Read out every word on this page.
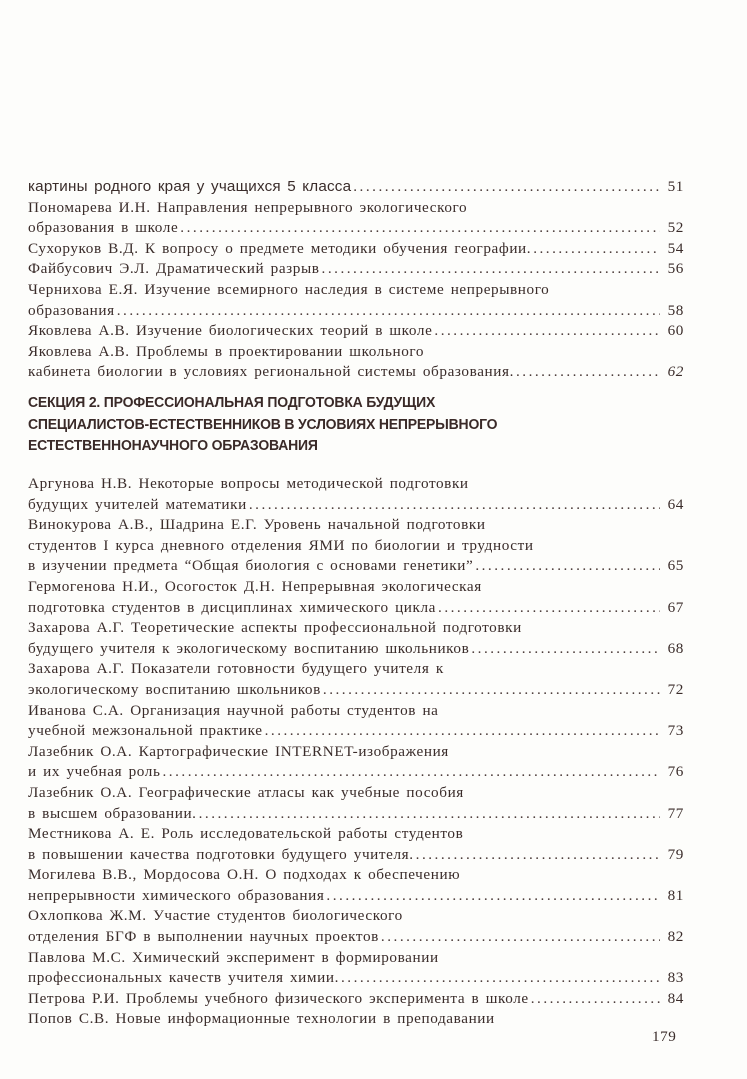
картины родного края у учащихся 5 класса .....	51
Пономарева И.Н. Направления непрерывного экологического
образования в школе .....	52
Сухоруков В.Д. К вопросу о предмете методики обучения географии. .....	54
Файбусович Э.Л. Драматический разрыв .....	56
Чернихова Е.Я. Изучение всемирного наследия в системе непрерывного
образования .....	58
Яковлева А.В. Изучение биологических теорий в школе .....	60
Яковлева А.В. Проблемы в проектировании школьного
кабинета биологии в условиях региональной системы образования. .....	62
СЕКЦИЯ 2. ПРОФЕССИОНАЛЬНАЯ ПОДГОТОВКА БУДУЩИХ
СПЕЦИАЛИСТОВ-ЕСТЕСТВЕННИКОВ В УСЛОВИЯХ НЕПРЕРЫВНОГО
ЕСТЕСТВЕННОНАУЧНОГО ОБРАЗОВАНИЯ
Аргунова Н.В. Некоторые вопросы методической подготовки
будущих учителей математики .....	64
Винокурова А.В., Шадрина Е.Г. Уровень начальной подготовки
студентов I курса дневного отделения ЯМИ по биологии и трудности
в изучении предмета “Общая биология с основами генетики” .....	65
Гермогенова Н.И., Осогосток Д.Н. Непрерывная экологическая
подготовка студентов в дисциплинах химического цикла .....	67
Захарова А.Г. Теоретические аспекты профессиональной подготовки
будущего учителя к экологическому воспитанию школьников .....	68
Захарова А.Г. Показатели готовности будущего учителя к
экологическому воспитанию школьников .....	72
Иванова С.А. Организация научной работы студентов на
учебной межзональной практике .....	73
Лазебник О.А. Картографические INTERNET-изображения
и их учебная роль .....	76
Лазебник О.А. Географические атласы как учебные пособия
в высшем образовании. .....	77
Местникова А. Е. Роль исследовательской работы студентов
в повышении качества подготовки будущего учителя. .....	79
Могилева В.В., Мордосова О.Н. О подходах к обеспечению
непрерывности химического образования .....	81
Охлопкова Ж.М. Участие студентов биологического
отделения БГФ в выполнении научных проектов .....	82
Павлова М.С. Химический эксперимент в формировании
профессиональных качеств учителя химии. .....	83
Петрова Р.И. Проблемы учебного физического эксперимента в школе .....	84
Попов С.В. Новые информационные технологии в преподавании
179
